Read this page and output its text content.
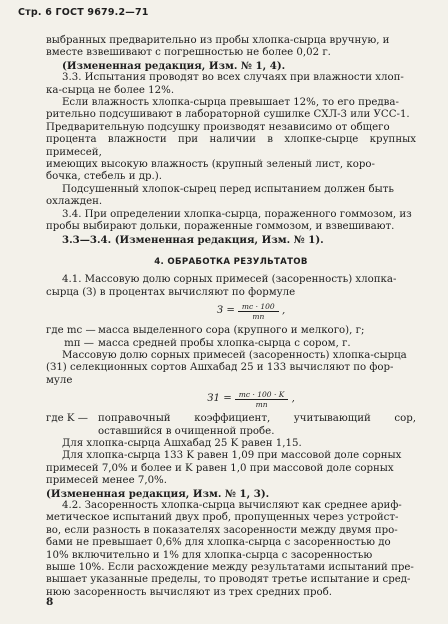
Стр. 6 ГОСТ 9679.2—71

выбранных предварительно из пробы хлопка-сырца вручную, и

вместе взвешивают с погрешностью не более 0,02 г.

(Измененная редакция, Изм. № 1, 4).

3.3. Испытания проводят во всех случаях при влажности хлоп-

ка-сырца не более 12%.

Если влажность хлопка-сырца превышает 12%, то его предва-

рительно подсушивают в лабораторной сушилке СХЛ-3 или УСС-1.

Предварительную подсушку производят независимо от общего

процента влажности при наличии в хлопке-сырце крупных примесей,

имеющих высокую влажность (крупный зеленый лист, коро-

бочка, стебель и др.).

Подсушенный хлопок-сырец перед испытанием должен быть

охлажден.

3.4. При определении хлопка-сырца, пораженного гоммозом, из

пробы выбирают дольки, пораженные гоммозом, и взвешивают.

3.3—3.4. (Измененная редакция, Изм. № 1).

4. ОБРАБОТКА РЕЗУЛЬТАТОВ

4.1. Массовую долю сорных примесей (засоренность) хлопка-

сырца (З) в процентах вычисляют по формуле

$З = \frac{mс \cdot 100}{mп}$ ,
где mс — масса выделенного сора (крупного и мелкого), г;
mп — масса средней пробы хлопка-сырца с сором, г.

Массовую долю сорных примесей (засоренность) хлопка-сырца

(З1) селекционных сортов Ашхабад 25 и 133 вычисляют по фор-

муле

$З1 = \frac{mс \cdot 100 \cdot K}{mп}$ ,
где K — поправочный коэффициент, учитывающий сор, оставшийся в очищенной пробе.

Для хлопка-сырца Ашхабад 25 K равен 1,15.

Для хлопка-сырца 133 K равен 1,09 при массовой доле сорных

примесей 7,0% и более и K равен 1,0 при массовой доле сорных

примесей менее 7,0%.

(Измененная редакция, Изм. № 1, 3).

4.2. Засоренность хлопка-сырца вычисляют как среднее ариф-

метическое испытаний двух проб, пропущенных через устройст-

во, если разность в показателях засоренности между двумя про-

бами не превышает 0,6% для хлопка-сырца с засоренностью до

10% включительно и 1% для хлопка-сырца с засоренностью

выше 10%. Если расхождение между результатами испытаний пре-

вышает указанные пределы, то проводят третье испытание и сред-

нюю засоренность вычисляют из трех средних проб.

8
